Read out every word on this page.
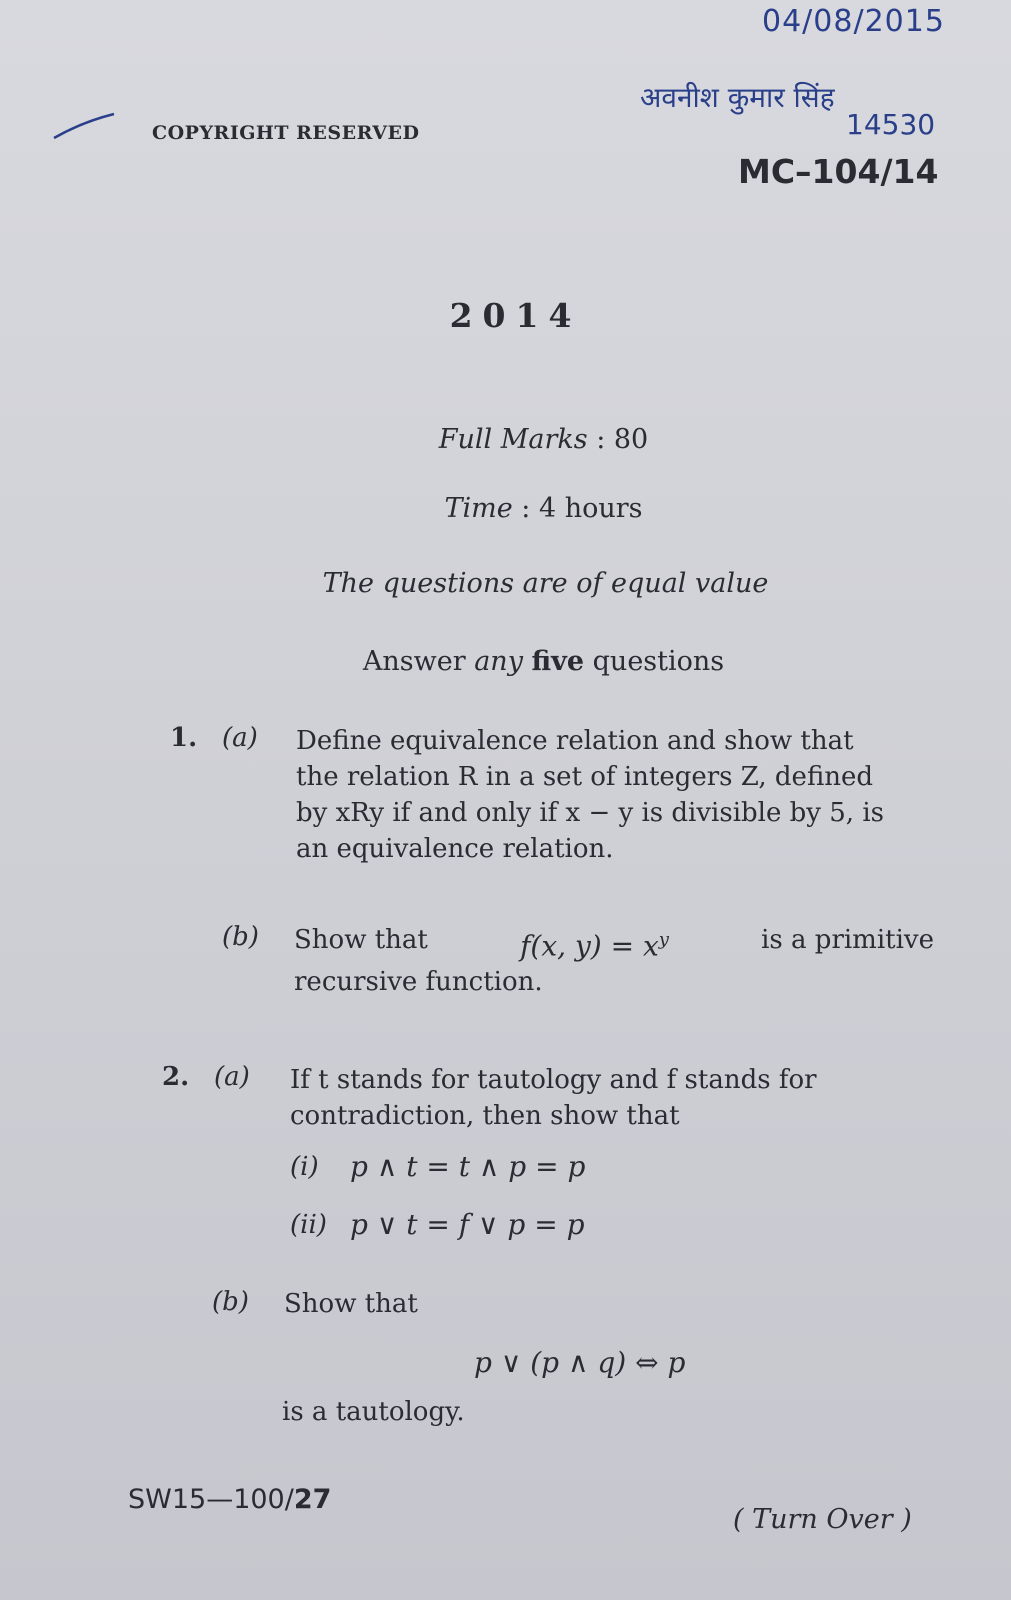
04/08/2015
अवनीश कुमार सिंह
14530
COPYRIGHT RESERVED
MC–104/14
2014
Full Marks : 80
Time : 4 hours
The questions are of equal value
Answer any five questions
1. (a) Define equivalence relation and show that
the relation R in a set of integers Z, defined
by xRy if and only if x − y is divisible by 5, is
an equivalence relation.
(b) Show that	f(x, $y) = x^y$	is a primitive
recursive function.
2. (a) If t stands for tautology and f stands for
contradiction, then show that
(i) p ∧ t = t ∧ p = p
(ii) p ∨ t = f ∨ p = p
(b) Show that
p ∨ (p ∧ q) ⇔ p
is a tautology.
SW15—100/27
( Turn Over )
